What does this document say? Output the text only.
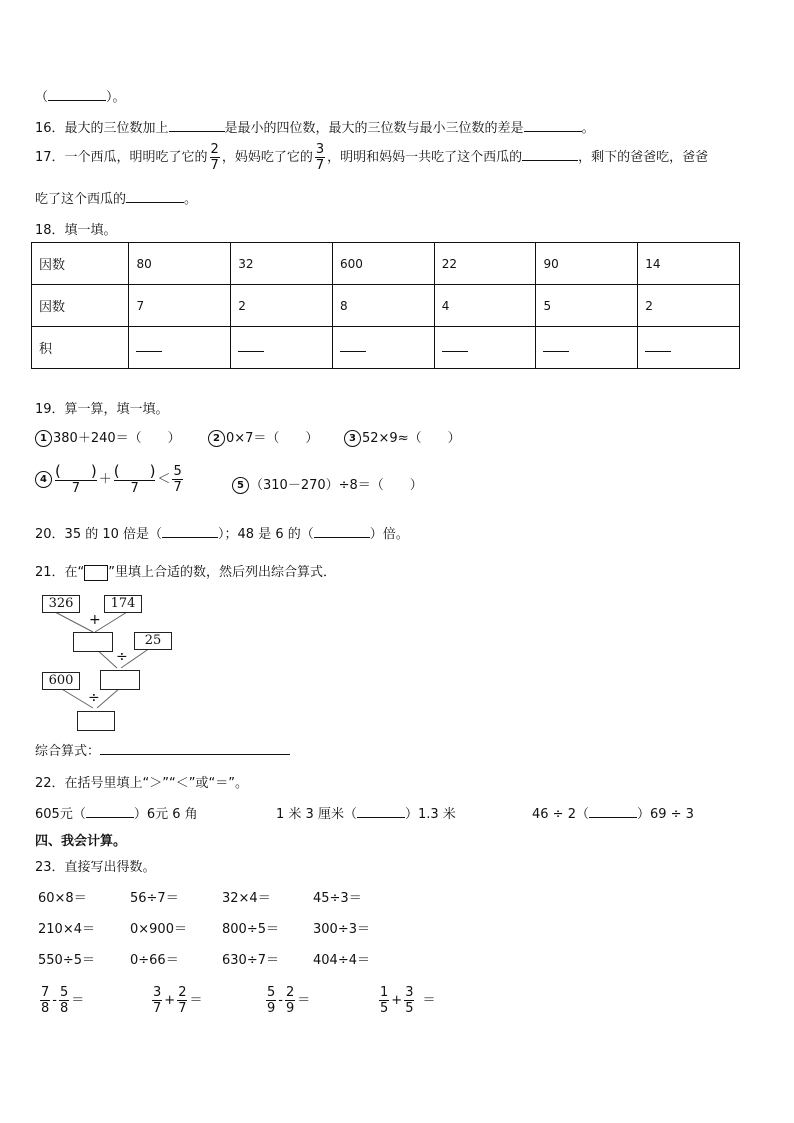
（	）。
16．最大的三位数加上	是最小的四位数，最大的三位数与最小三位数的差是	。
17．一个西瓜，明明吃了它的 $\frac{2}{7}$ ，妈妈吃了它的 $\frac{3}{7}$ ，明明和妈妈一共吃了这个西瓜的	，剩下的爸爸吃，爸爸
吃了这个西瓜的	。
18．填一填。
因数	80	32	600	22	90	14
因数	7	2	8	4	5	2
积						
19．算一算，填一填。
1 380＋240＝（　　）	2 0×7＝（　　）	3 52×9≈（　　）
4 (　　)
7
＋ (　　)
7
＜ $\frac{5}{7}$	5 （310－270）÷8＝（　　）
20．35 的 10 倍是（	）；48 是 6 的（	）倍。
21．在“ ”里填上合适的数，然后列出综合算式．
326	174
+
25
÷
600
÷
综合算式：
22．在括号里填上“＞”“＜”或“＝”。
605元（	）6元 6 角	1 米 3 厘米（	）1.3 米	46 ÷ 2（	）69 ÷ 3
四、我会计算。
23．直接写出得数。
60×8＝	56÷7＝	32×4＝	45÷3＝
210×4＝	0×900＝	800÷5＝	300÷3＝
550÷5＝	0÷66＝	630÷7＝	404÷4＝
$\frac{7}{8} - \frac{5}{8}$ ＝	$\frac{3}{7} + \frac{2}{7}$ ＝	$\frac{5}{9} - \frac{2}{9}$ ＝	$\frac{1}{5} + \frac{3}{5}$ ＝
